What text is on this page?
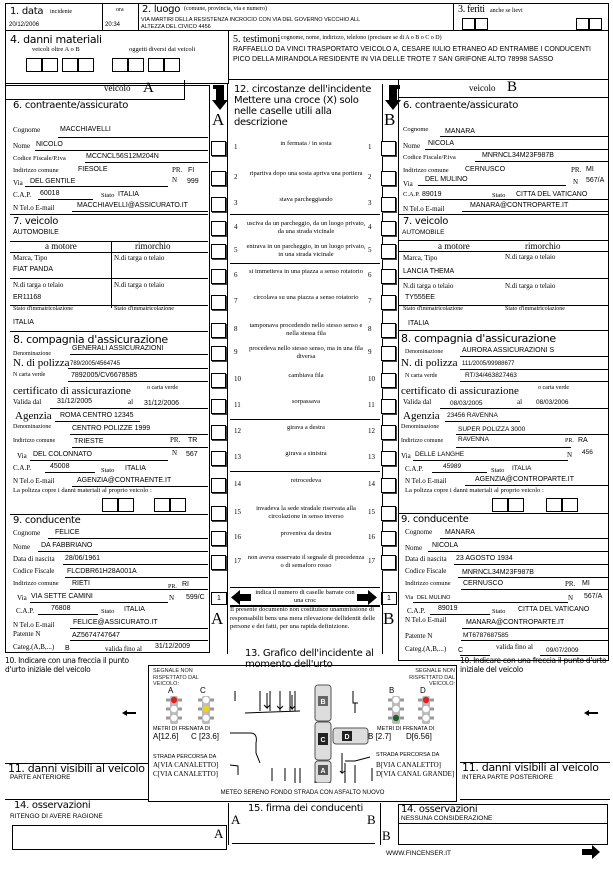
1. data incidente
20/12/2006
ora
20:34
2. luogo (comune, provincia, via e numero)
VIA MARTIRI DELLA RESISTENZA INCROCIO CON VIA DEL GOVERNO VECCHIO ALL ALTEZZA DEL CIVICO 4456
3. feriti anche se lievi
4. danni materiali
veicoli oltre A o B	oggetti diversi dai veicoli
5. testimoni cognome, nome, indirizzo, telefono (precisare se di A o B o C o D)
RAFFAELLO DA VINCI TRASPORTATO VEICOLO A, CESARE IULIO ETRANEO AD ENTRAMBE I CONDUCENTI PICO DELLA MIRANDOLA RESIDENTE IN VIA DELLE TROTE 7 SAN GRIFONE ALTO 78998 SASSO
veicolo A
A
6. contraente/assicurato
Cognome	MACCHIAVELLI
Nome NICOLO
Codice Fiscale/P.iva	MCCNCL56S12M204N
Indirizzo comune	FIESOLE	PR. FI
Via DEL GENTILE	N 999
C.A.P. 60018	Stato ITALIA
N Tel.o E-mail	MACCHIAVELLI@ASSICURATO.IT
7. veicolo
AUTOMOBILE
a motore	rimorchio
Marca, Tipo	N.di targa o telaio
FIAT PANDA
N.di targa o telaio	N.di targa o telaio
ER11168
Stato d'immatricolazione	Stato d'immatricolazione
ITALIA
8. compagnia d'assicurazione
Denominazione
GENERALI ASSICURAZIONI
N. di polizza 789/2005/4564745
N carta verde	7892005/CV6678585
certificato di assicurazione	o carta verde
Valida dal 31/12/2005	al 31/12/2006
Agenzia ROMA CENTRO 12345
Denominazione	CENTRO POLIZZE 1999
Indirizzo comune	TRIESTE	PR. TR
Via DEL COLONNATO	N 567
C.A.P.	45008
Stato ITALIA
N Tel.o E-mail	AGENZIA@CONTRAENTE.IT
La polizza copre i danni materiali al proprio veicolo :
9. conducente
Cognome FELICE
Nome DA FABBRIANO
Data di nascita 28/06/1961
Codice Fiscale FLCDBR61H28A001A
Indirizzo comune RIETI	PR. RI
Via VIA SETTE CAMINI	N 599/C
C.A.P. 76808	Stato ITALIA
N Tel.o E-mail	FELICE@ASSICURATO.IT
Patente N	AZ5674747647
Categ.(A,B,...) B	valida fino al 31/12/2009
1
A
12. circostanze dell'incidente
Mettere una croce (X) solo nelle caselle utili alla descrizione
1	in fermata / in sosta	1
2	ripartiva dopo una sosta apriva una portiera 2
3	stava parcheggiando	3
4 usciva da un parcheggio, da un luogo privato, da una strada vicinale
4
5 entrava in un parcheggio, in un luogo privato, in una strada vicinale
5
6	si immetteva in una piazza a senso rotatorio 6
7	circolava su una piazza a senso rotatorio	7
8	tamponava procedendo nello stesso senso e nella stessa fila
8
9	procedeva nello stesso senso, ma in una fila diversa
9
10	cambiava fila	10
11	sorpassava	11
12	girava a destra	12
13	girava a sinistra	13
14	retrocedeva	14
15	invadeva la sede stradale riservata alla circolazione in senso inverso
15
16	proveniva da destra	16
17 non aveva osservato il segnale di precedenza o di semaforo rosso
17
indica il numero di caselle barrate con una croc
Il presente documento non costituisce unammissione di responsabilit bens una mera rilevazione dellidentit delle persone e dei fatti, per una rapida definizione.
B
veicolo B
1
B
6. contraente/assicurato
Cognome MANARA
Nome NICOLA
Codice Fiscale/P.iva	MNRNCL34M23F987B
Indirizzo comune CERNUSCO	PR. MI
Via
DEL MULINO	N 567/A
C.A.P. 89019	Stato CITTA DEL VATICANO
N Tel.o E-mail	MANARA@CONTROPARTE.IT
7. veicolo
AUTOMOBILE
a motore	rimorchio
Marca, Tipo	N.di targa o telaio
LANCIA THEMA
N.di targa o telaio	N.di targa o telaio
TY555EE
Stato d'immatricolazione	Stato d'immatricolazione
ITALIA
8. compagnia d'assicurazione
Denominazione	AURORA ASSICURAZIONI S
N. di polizza 111/2005/99988677
N carta verde	RT/34/463827463
certificato di assicurazione	o carta verde
Valida dal	08/03/2005	al 08/03/2006
Agenzia 23456 RAVENNA
Denominazione	SUPER POLIZZA 3000
Indirizzo comune RAVENNA	PR. RA
Via DELLE LANGHE	N 456
C.A.P.	45989
Stato ITALIA
N Tel.o E-mail	AGENZIA@CONTROPARTE.IT
La polizza copre i danni materiali al proprio veicolo :
9. conducente
Cognome MANARA
Nome NICOLA
Data di nascita 23 AGOSTO 1934
Codice Fiscale MNRNCL34M23F987B
Indirizzo comune CERNUSCO	PR. MI
Via DEL MULINO	N 567/A
C.A.P. 89019	Stato CITTA DEL VATICANO
N Tel.o E-mail	MANARA@CONTROPARTE.IT
Patente N	MT6787687585
Categ.(A,B,...) C	valida fino al 09/07/2009
10. Indicare con una freccia il punto d'urto iniziale del veicolo
11. danni visibili al veicolo
PARTE ANTERIORE
14. osservazioni
RITENGO DI AVERE RAGIONE
13. Grafico dell'incidente al momento dell'urto
SEGNALE NON RISPETTATO DAL VEICOLO:
SEGNALE NON RISPETTATO DAL VEICOLO:
A	C	B	D
METRI DI FRENATA DI
A[12.6] C [23.6]
METRI DI FRENATA DI
B [2.7] D[6.56]
STRADA PERCORSA DA
A[VIA CANALETTO]
C[VIA CANALETTO]
STRADA PERCORSA DA
B[VIA CANALETTO]
D[VIA CANAL GRANDE]
B
C	D
A
METEO SERENO FONDO STRADA CON ASFALTO NUOVO
A
15. firma dei conducenti
A	B
B
10. Indicare con una freccia il punto d'urto iniziale del veicolo
11. danni visibili al veicolo
INTERA PARTE POSTERIORE
14. osservazioni
NESSUNA CONSIDERAZIONE
WWW.FINCENSER.IT
